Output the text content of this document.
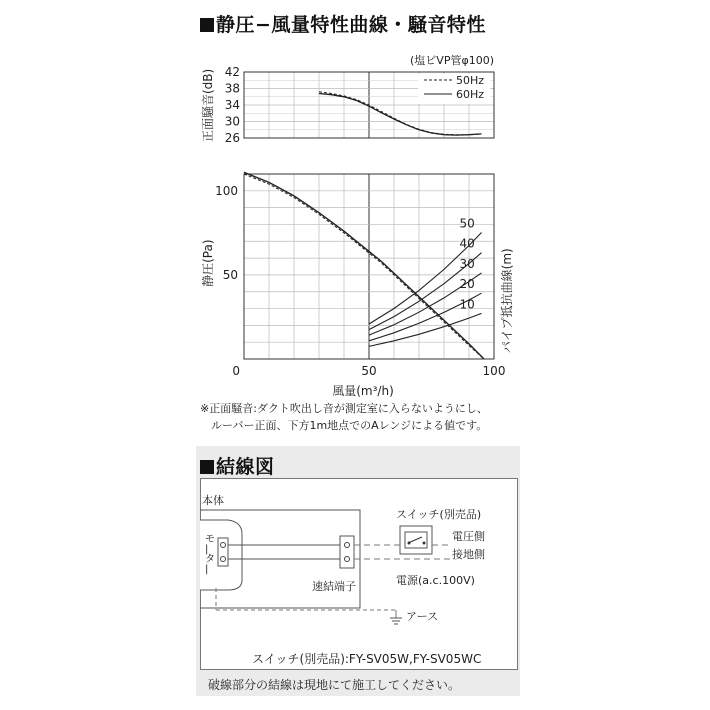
静圧−風量特性曲線・騒音特性
42
38
34
30
26
(塩ビVP管φ100)
正面騒音(dB)	50Hz
60Hz
100
50
0	50	100
風量(m³/h)
静圧(Pa)	パイプ抵抗曲線(m)
50
40
30
20
10
※正面騒音:ダクト吹出し音が測定室に入らないようにし、
ルーバー正面、下方1m地点でのAレンジによる値です。
結線図
本体
モ
|
タ
|
速結端子
アース
スイッチ(別売品)
電圧側
接地側
電源(a.c.100V)
スイッチ(別売品):FY-SV05W,FY-SV05WC
破線部分の結線は現地にて施工してください。
